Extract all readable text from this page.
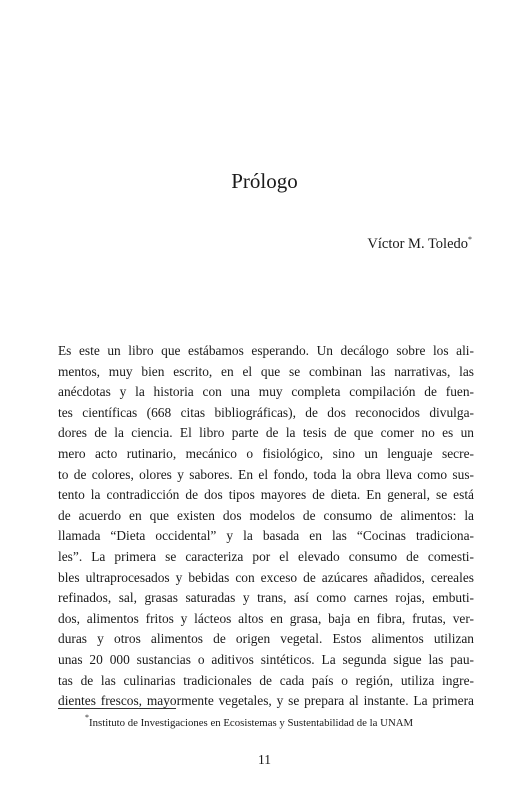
Prólogo
Víctor M. Toledo*
Es este un libro que estábamos esperando. Un decálogo sobre los ali-
mentos, muy bien escrito, en el que se combinan las narrativas, las
anécdotas y la historia con una muy completa compilación de fuen-
tes científicas (668 citas bibliográficas), de dos reconocidos divulga-
dores de la ciencia. El libro parte de la tesis de que comer no es un
mero acto rutinario, mecánico o fisiológico, sino un lenguaje secre-
to de colores, olores y sabores. En el fondo, toda la obra lleva como sus-
tento la contradicción de dos tipos mayores de dieta. En general, se está
de acuerdo en que existen dos modelos de consumo de alimentos: la
llamada “Dieta occidental” y la basada en las “Cocinas tradiciona-
les”. La primera se caracteriza por el elevado consumo de comesti-
bles ultraprocesados y bebidas con exceso de azúcares añadidos, cereales
refinados, sal, grasas saturadas y trans, así como carnes rojas, embuti-
dos, alimentos fritos y lácteos altos en grasa, baja en fibra, frutas, ver-
duras y otros alimentos de origen vegetal. Estos alimentos utilizan
unas 20 000 sustancias o aditivos sintéticos. La segunda sigue las pau-
tas de las culinarias tradicionales de cada país o región, utiliza ingre-
dientes frescos, mayormente vegetales, y se prepara al instante. La primera
*Instituto de Investigaciones en Ecosistemas y Sustentabilidad de la UNAM
11
